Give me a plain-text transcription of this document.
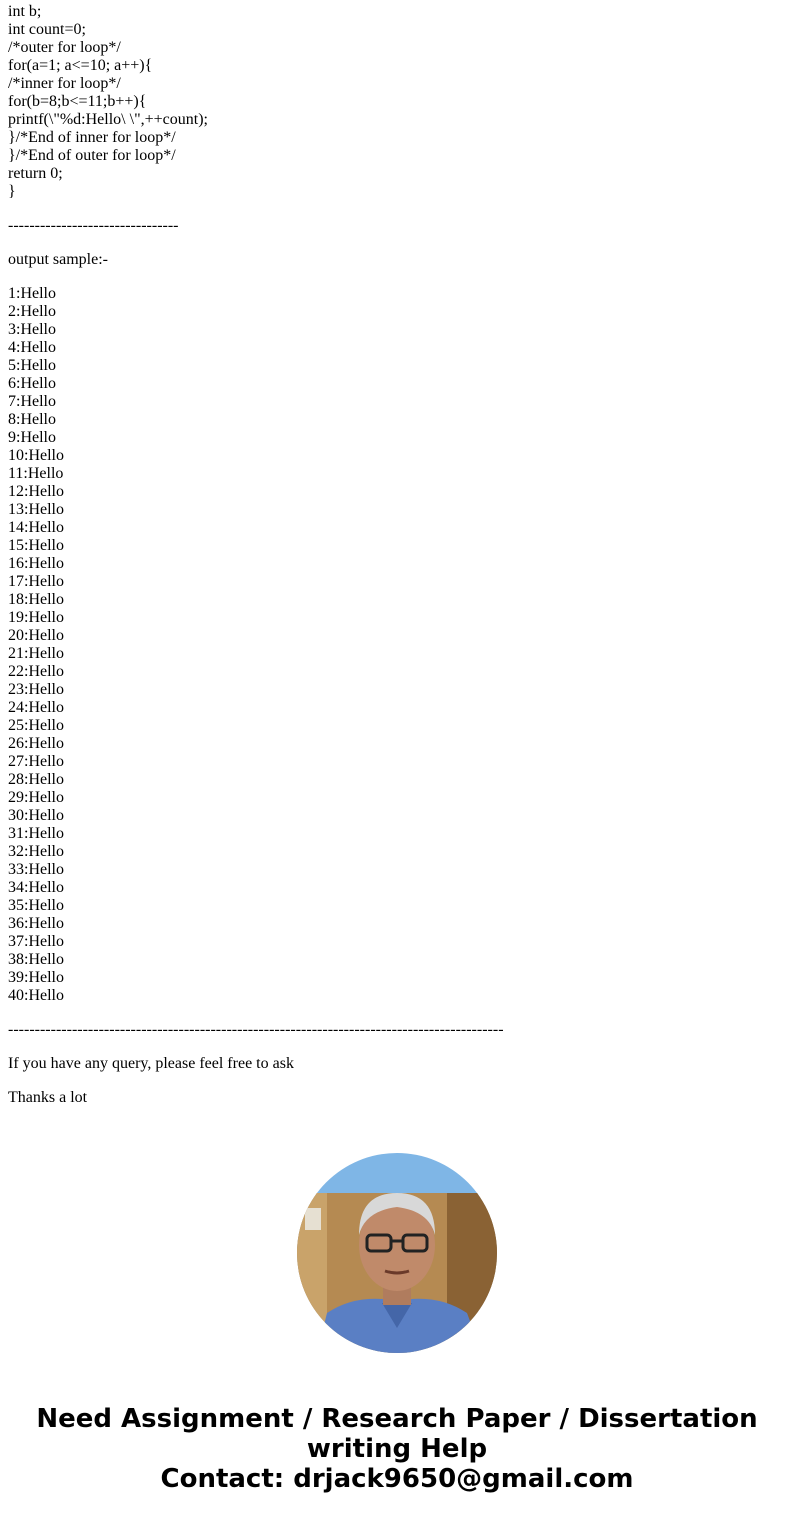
int b;
int count=0;
/*outer for loop*/
for(a=1; a<=10; a++){
/*inner for loop*/
for(b=8;b<=11;b++){
printf(\"%d:Hello\ \",++count);
}/*End of inner for loop*/
}/*End of outer for loop*/
return 0;
}
--------------------------------
output sample:-
1:Hello
2:Hello
3:Hello
4:Hello
5:Hello
6:Hello
7:Hello
8:Hello
9:Hello
10:Hello
11:Hello
12:Hello
13:Hello
14:Hello
15:Hello
16:Hello
17:Hello
18:Hello
19:Hello
20:Hello
21:Hello
22:Hello
23:Hello
24:Hello
25:Hello
26:Hello
27:Hello
28:Hello
29:Hello
30:Hello
31:Hello
32:Hello
33:Hello
34:Hello
35:Hello
36:Hello
37:Hello
38:Hello
39:Hello
40:Hello
---------------------------------------------------------------------------------------------
If you have any query, please feel free to ask
Thanks a lot
Need Assignment / Research Paper / Dissertation
writing Help
Contact: drjack9650@gmail.com
